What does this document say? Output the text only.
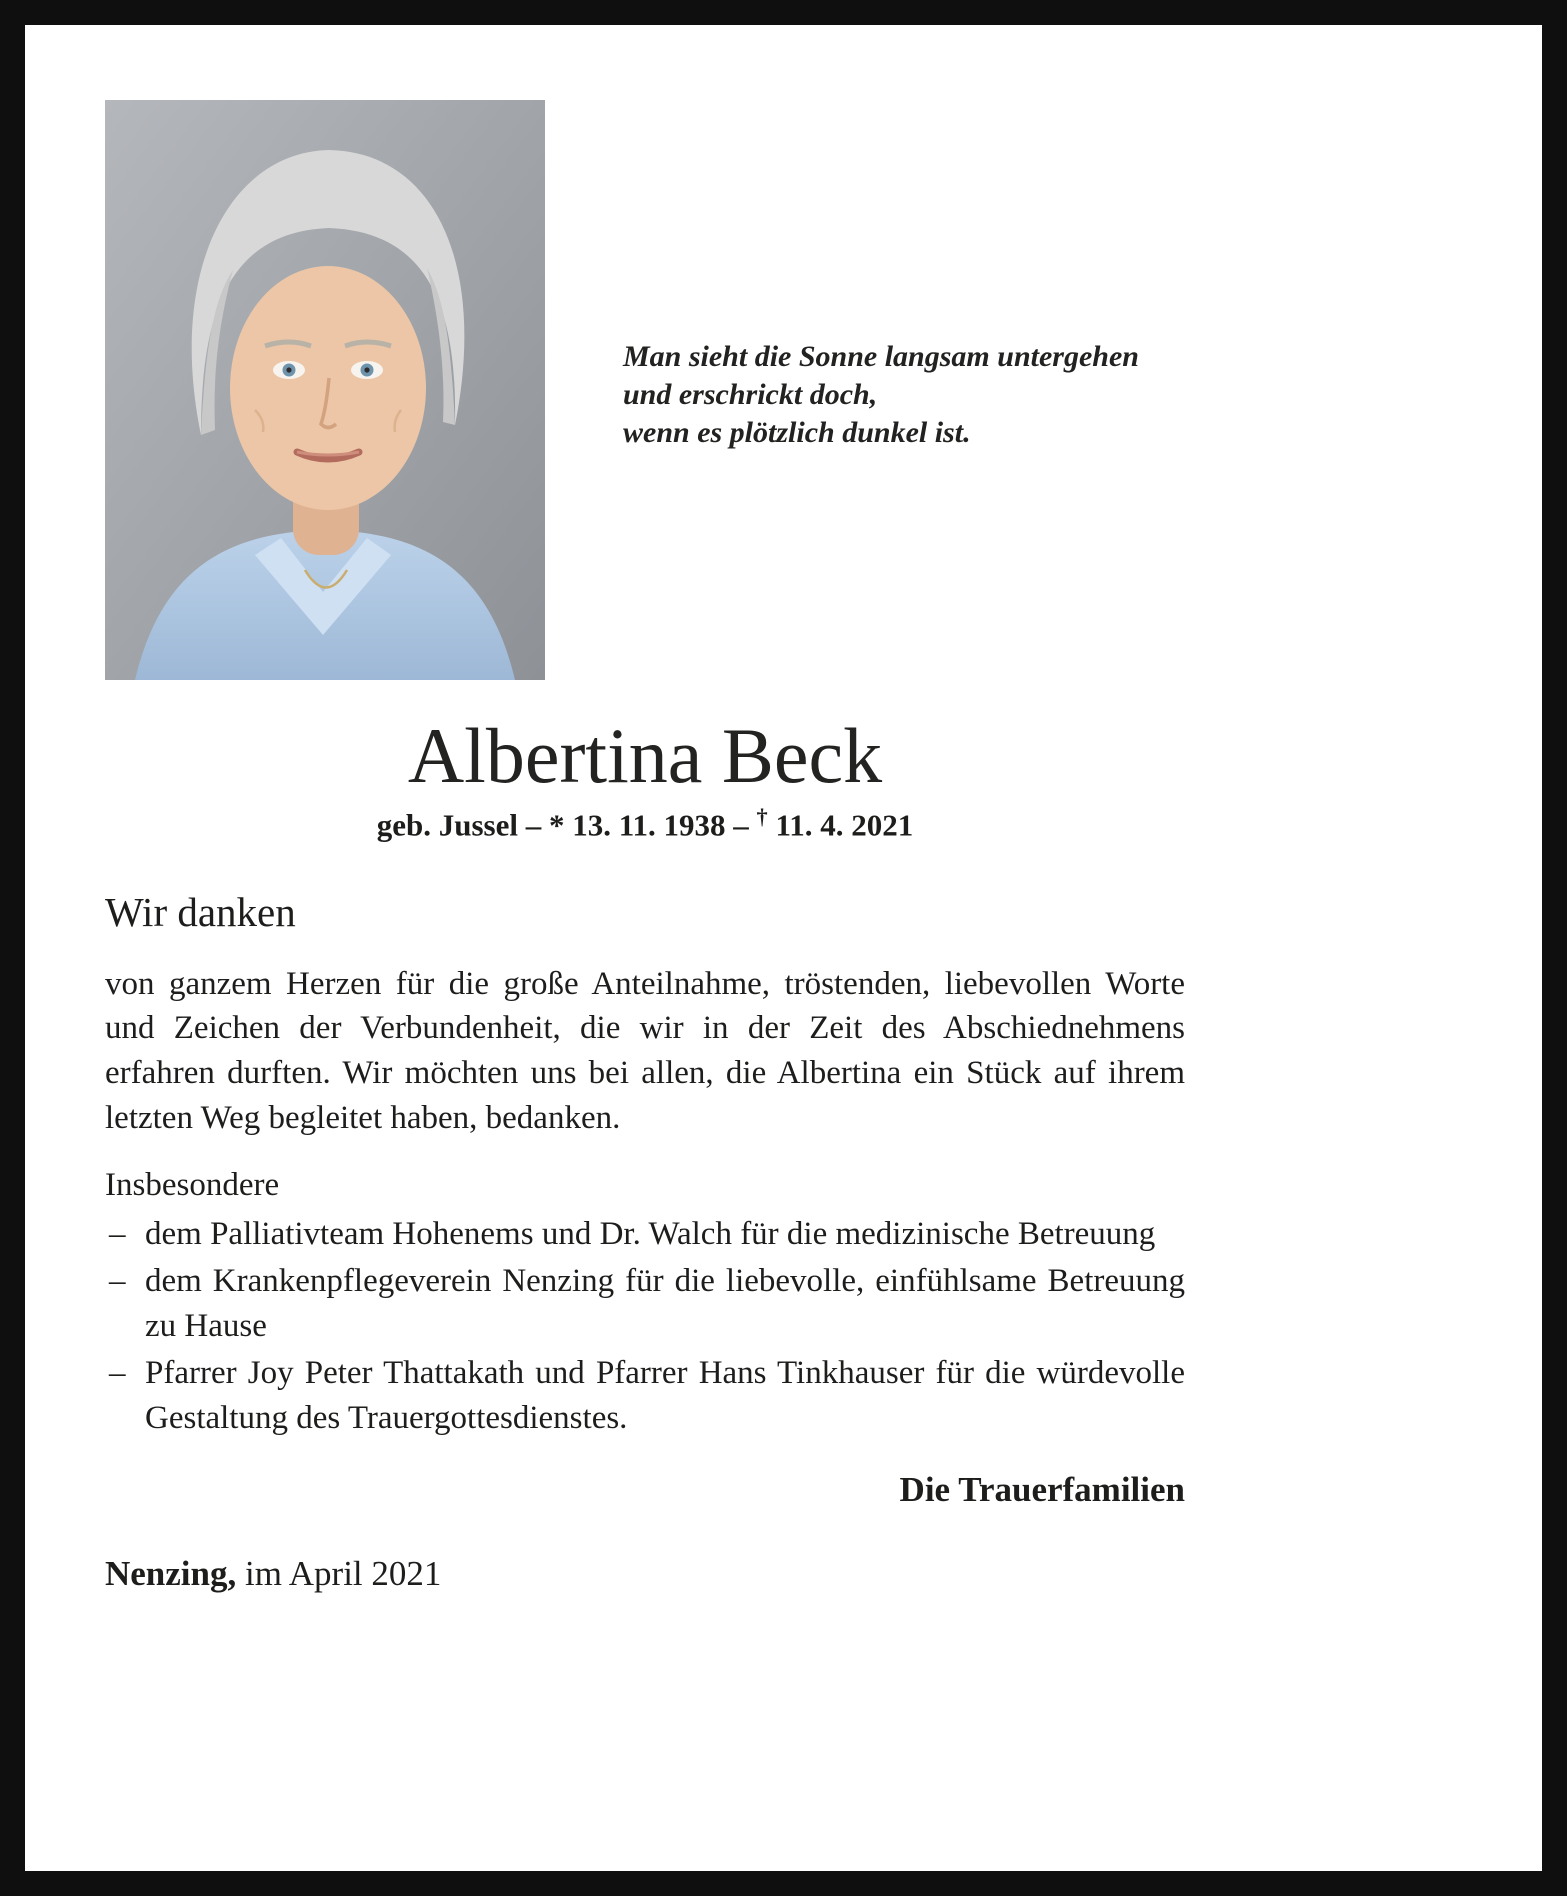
Man sieht die Sonne langsam untergehen
und erschrickt doch,
wenn es plötzlich dunkel ist.
Albertina Beck
geb. Jussel – * 13. 11. 1938 – † 11. 4. 2021
Wir danken
von ganzem Herzen für die große Anteilnahme, tröstenden, liebevollen Worte und Zeichen der Verbundenheit, die wir in der Zeit des Abschiednehmens erfahren durften. Wir möchten uns bei allen, die Albertina ein Stück auf ihrem letzten Weg begleitet haben, bedanken.
Insbesondere
– dem Palliativteam Hohenems und Dr. Walch für die medizinische Betreuung
– dem Krankenpflegeverein Nenzing für die liebevolle, einfühlsame Betreuung zu Hause
– Pfarrer Joy Peter Thattakath und Pfarrer Hans Tinkhauser für die würdevolle Gestaltung des Trauergottesdienstes.
Die Trauerfamilien
Nenzing, im April 2021
